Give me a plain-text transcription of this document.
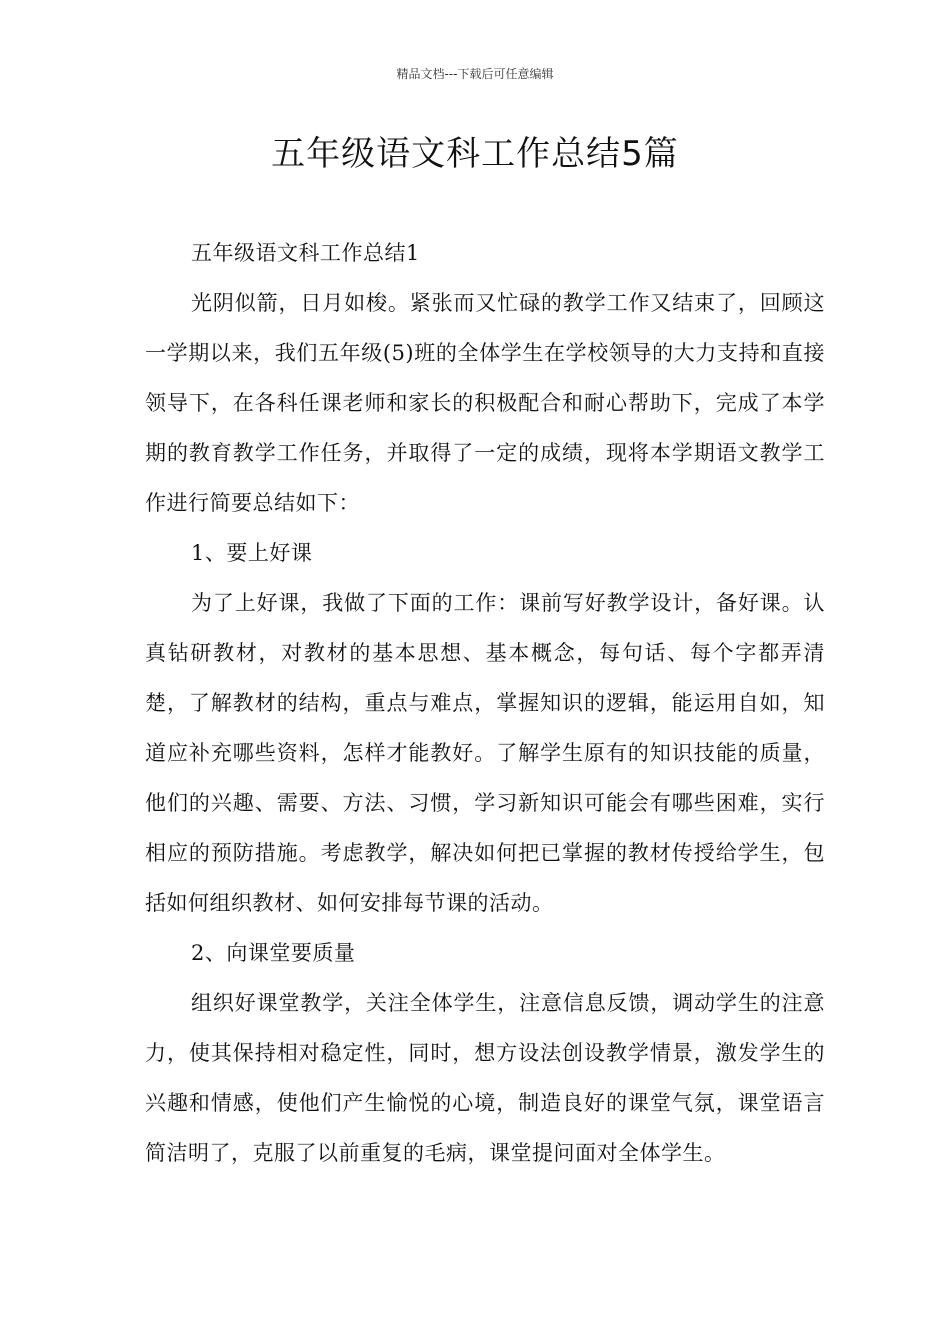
精品文档---下载后可任意编辑
五年级语文科工作总结5篇

五年级语文科工作总结1

光阴似箭，日月如梭。紧张而又忙碌的教学工作又结束了，回顾这一学期以来，我们五年级(5)班的全体学生在学校领导的大力支持和直接领导下，在各科任课老师和家长的积极配合和耐心帮助下，完成了本学期的教育教学工作任务，并取得了一定的成绩，现将本学期语文教学工作进行简要总结如下：

1、要上好课

为了上好课，我做了下面的工作：课前写好教学设计，备好课。认真钻研教材，对教材的基本思想、基本概念，每句话、每个字都弄清楚，了解教材的结构，重点与难点，掌握知识的逻辑，能运用自如，知道应补充哪些资料，怎样才能教好。了解学生原有的知识技能的质量，他们的兴趣、需要、方法、习惯，学习新知识可能会有哪些困难，实行相应的预防措施。考虑教学，解决如何把已掌握的教材传授给学生，包括如何组织教材、如何安排每节课的活动。

2、向课堂要质量

组织好课堂教学，关注全体学生，注意信息反馈，调动学生的注意力，使其保持相对稳定性，同时，想方设法创设教学情景，激发学生的兴趣和情感，使他们产生愉悦的心境，制造良好的课堂气氛，课堂语言简洁明了，克服了以前重复的毛病，课堂提问面对全体学生。
